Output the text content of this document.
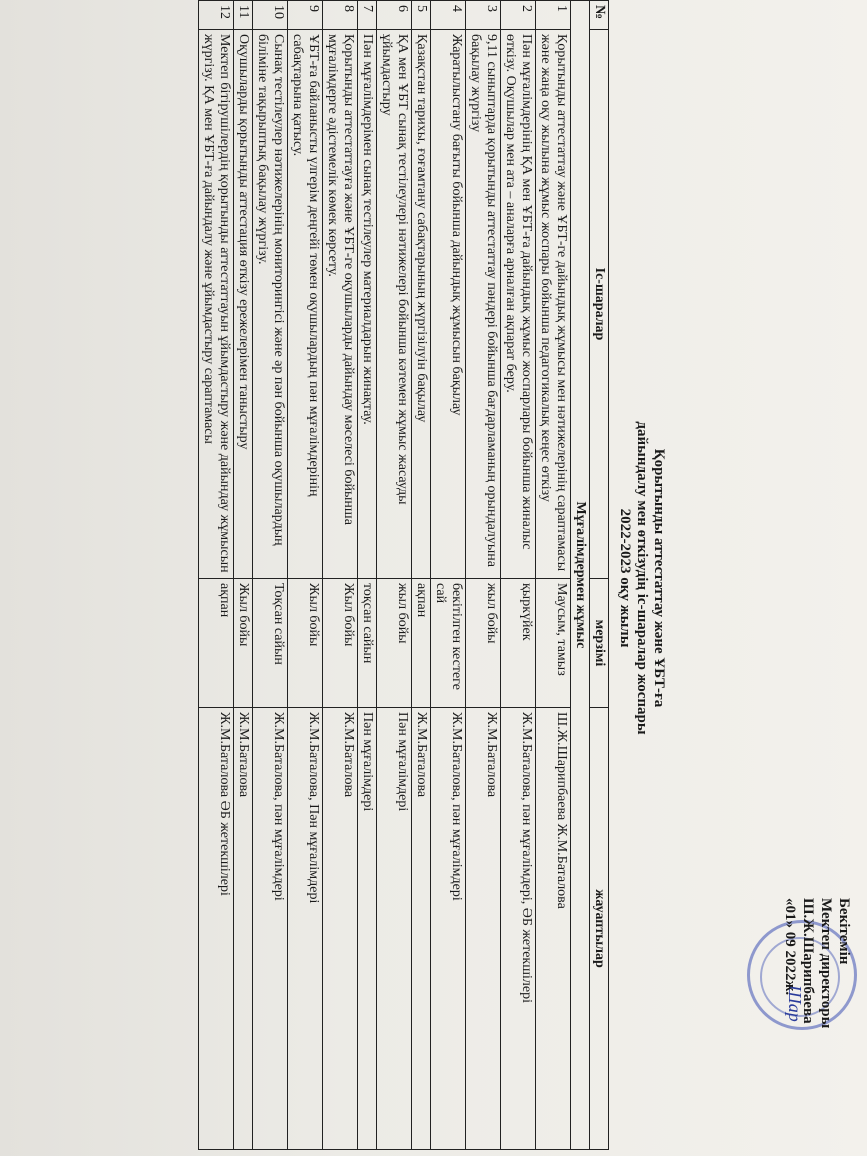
Шар
Бекітемін
Мектеп директоры
Ш.Ж.Шарипбаева
«01» 09 2022ж.
Қорытынды аттестаттау және ҰБТ-ға
дайындалу мен өткізудің іс-шаралар жоспары
2022-2023 оқу жылы
№	Іс-шаралар	мерзімі	жауаптылар
Мұғалімдермен жұмыс			
1	Қорытынды аттестаттау және ҰБТ-ге дайындық жұмысы мен нәтижелерінің сараптамасы және жаңа оқу жылына жұмыс жоспары бойынша педагогикалық кеңес өткізу	Маусым, тамыз	Ш.Ж.Шарипбаева Ж.М.Баталова
2	Пән мұғалімдерінің ҚА мен ҰБТ-ға дайындық жұмыс жоспарлары бойынша жиналыс өткізу. Оқушылар мен ата – аналарға арналған ақпарат беру.	қыркүйек	Ж.М.Баталова, пән мұғалімдері, ӘБ жетекшілері
3	9,11 сыныптарда қорытынды аттестаттау пәндері бойынша бағдарламаның орындалуына бақылау жүргізу	жыл бойы	Ж.М.Баталова
4	Жаратылыстану бағыты бойынша дайындық жұмысын бақылау	бекітілген кестеге сай	Ж.М.Баталова, пән мұғалімдері
5	Қазақстан тарихы, ғоғамтану сабақтарының жүргізілуін бақылау	ақпан	Ж.М.Баталова
6	ҚА мен ҰБТ сынақ тестілеулері нәтижелері бойынша кәтемен жұмыс жасауды ұйымдастыру	жыл бойы	Пән мұғалімдері
7	Пән мұғалімдерімен сынақ тестілеулер материалдарын жинақтау.	тоқсан сайын	Пән мұғалімдері
8	Қорытынды аттестаттауға және ҰБТ-ге оқушыларды дайындау мәселесі бойынша мұғалімдерге әдістемелік көмек көрсету.	Жыл бойы	Ж.М.Баталова
9	ҰБТ-ға байланысты үлгерім деңгейі төмен оқушылардың пән мұғалімдерінің сабақтарына қатысу.	Жыл бойы	Ж.М.Баталова, Пән мұғалімдері
10	Сынақ тестілеулер нәтижелерінің мониторингісі және әр пән бойынша оқушылардың біліміне тақырыптық бақылау жүргізу.	Тоқсан сайын	Ж.М.Баталова, пән мұғалімдері
11	Оқушыларды қорытынды аттестация өткізу ережелерімен таныстыру	Жыл бойы	Ж.М.Баталова
12	Мектеп бітірушілердің қорытынды аттестаттауын ұйымдастыру және дайындау жұмысын жүргізу. ҚА мен ҰБТ-ға дайындалу және ұйымдастыру сараптамасы	ақпан	Ж.М.Баталова ӘБ жетекшілері
